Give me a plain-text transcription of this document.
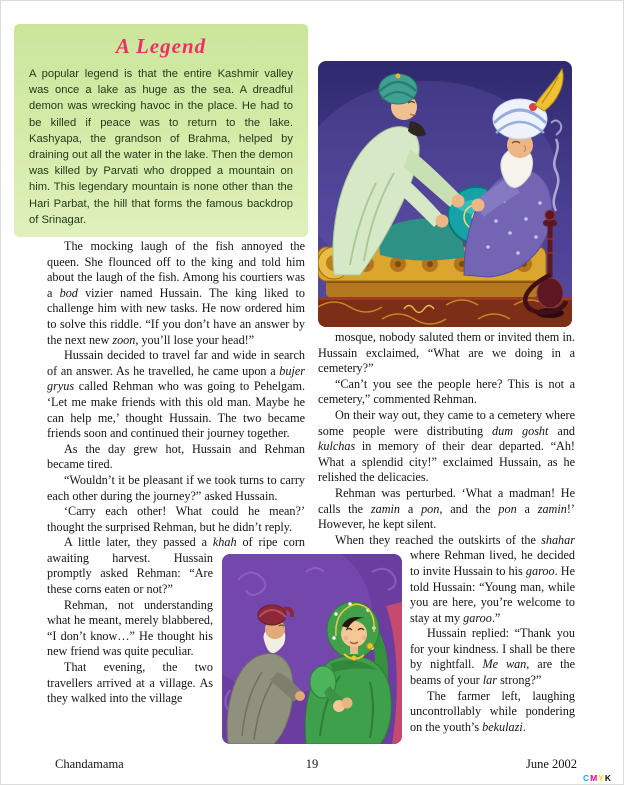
A Legend

A popular legend is that the entire Kashmir valley was once a lake as huge as the sea. A dreadful demon was wrecking havoc in the place. He had to be killed if peace was to return to the lake. Kashyapa, the grandson of Brahma, helped by draining out all the water in the lake. Then the demon was killed by Parvati who dropped a mountain on him. This legendary mountain is none other than the Hari Parbat, the hill that forms the famous backdrop of Srinagar.

The mocking laugh of the fish annoyed the queen. She flounced off to the king and told him about the laugh of the fish. Among his courtiers was a bod vizier named Hussain. The king liked to challenge him with new tasks. He now ordered him to solve this riddle. “If you don’t have an answer by the next new zoon, you’ll lose your head!”

Hussain decided to travel far and wide in search of an answer. As he travelled, he came upon a bujer gryus called Rehman who was going to Pehelgam. ‘Let me make friends with this old man. Maybe he can help me,’ thought Hussain. The two became friends soon and continued their journey together.

As the day grew hot, Hussain and Rehman became tired.

“Wouldn’t it be pleasant if we took turns to carry each other during the journey?” asked Hussain.

‘Carry each other! What could he mean?’ thought the surprised Rehman, but he didn’t reply.

A little later, they passed a khah of ripe corn awaiting harvest. Hussain promptly asked Rehman: “Are these corns eaten or not?”

Rehman, not understanding what he meant, merely blabbered, “I don’t know…” He thought his new friend was quite peculiar.

That evening, the two travellers arrived at a village. As they walked into the village

mosque, nobody saluted them or invited them in. Hussain exclaimed, “What are we doing in a cemetery?”

“Can’t you see the people here? This is not a cemetery,” commented Rehman.

On their way out, they came to a cemetery where some people were distributing dum gosht and kulchas in memory of their dear departed. “Ah! What a splendid city!” exclaimed Hussain, as he relished the delicacies.

Rehman was perturbed. ‘What a madman! He calls the zamin a pon, and the pon a zamin!’ However, he kept silent.

When they reached the outskirts of the shahar where Rehman lived, he decided to invite Hussain to his garoo. He told Hussain: “Young man, while you are here, you’re welcome to stay at my garoo.”

Hussain replied: “Thank you for your kindness. I shall be there by nightfall. Me wan, are the beams of your lar strong?”

The farmer left, laughing uncontrollably while pondering on the youth’s bekulazi.

Chandamama	19	June 2002
CMYK
